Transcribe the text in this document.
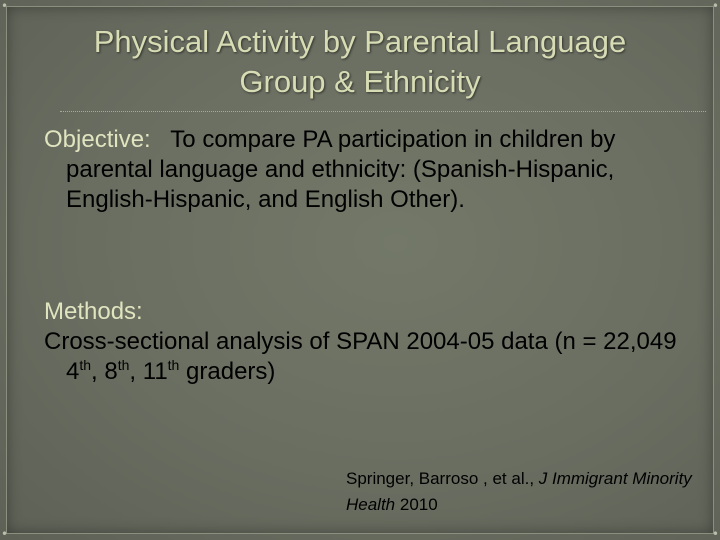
•	•
•	•
Physical Activity by Parental Language
Group & Ethnicity
Objective: To compare PA participation in children by parental language and ethnicity: (Spanish-Hispanic, English-Hispanic, and English Other).
Methods:
Cross-sectional analysis of SPAN 2004-05 data (n = 22,049 4th, 8th, 11th graders)
Springer, Barroso , et al., J Immigrant Minority Health 2010
